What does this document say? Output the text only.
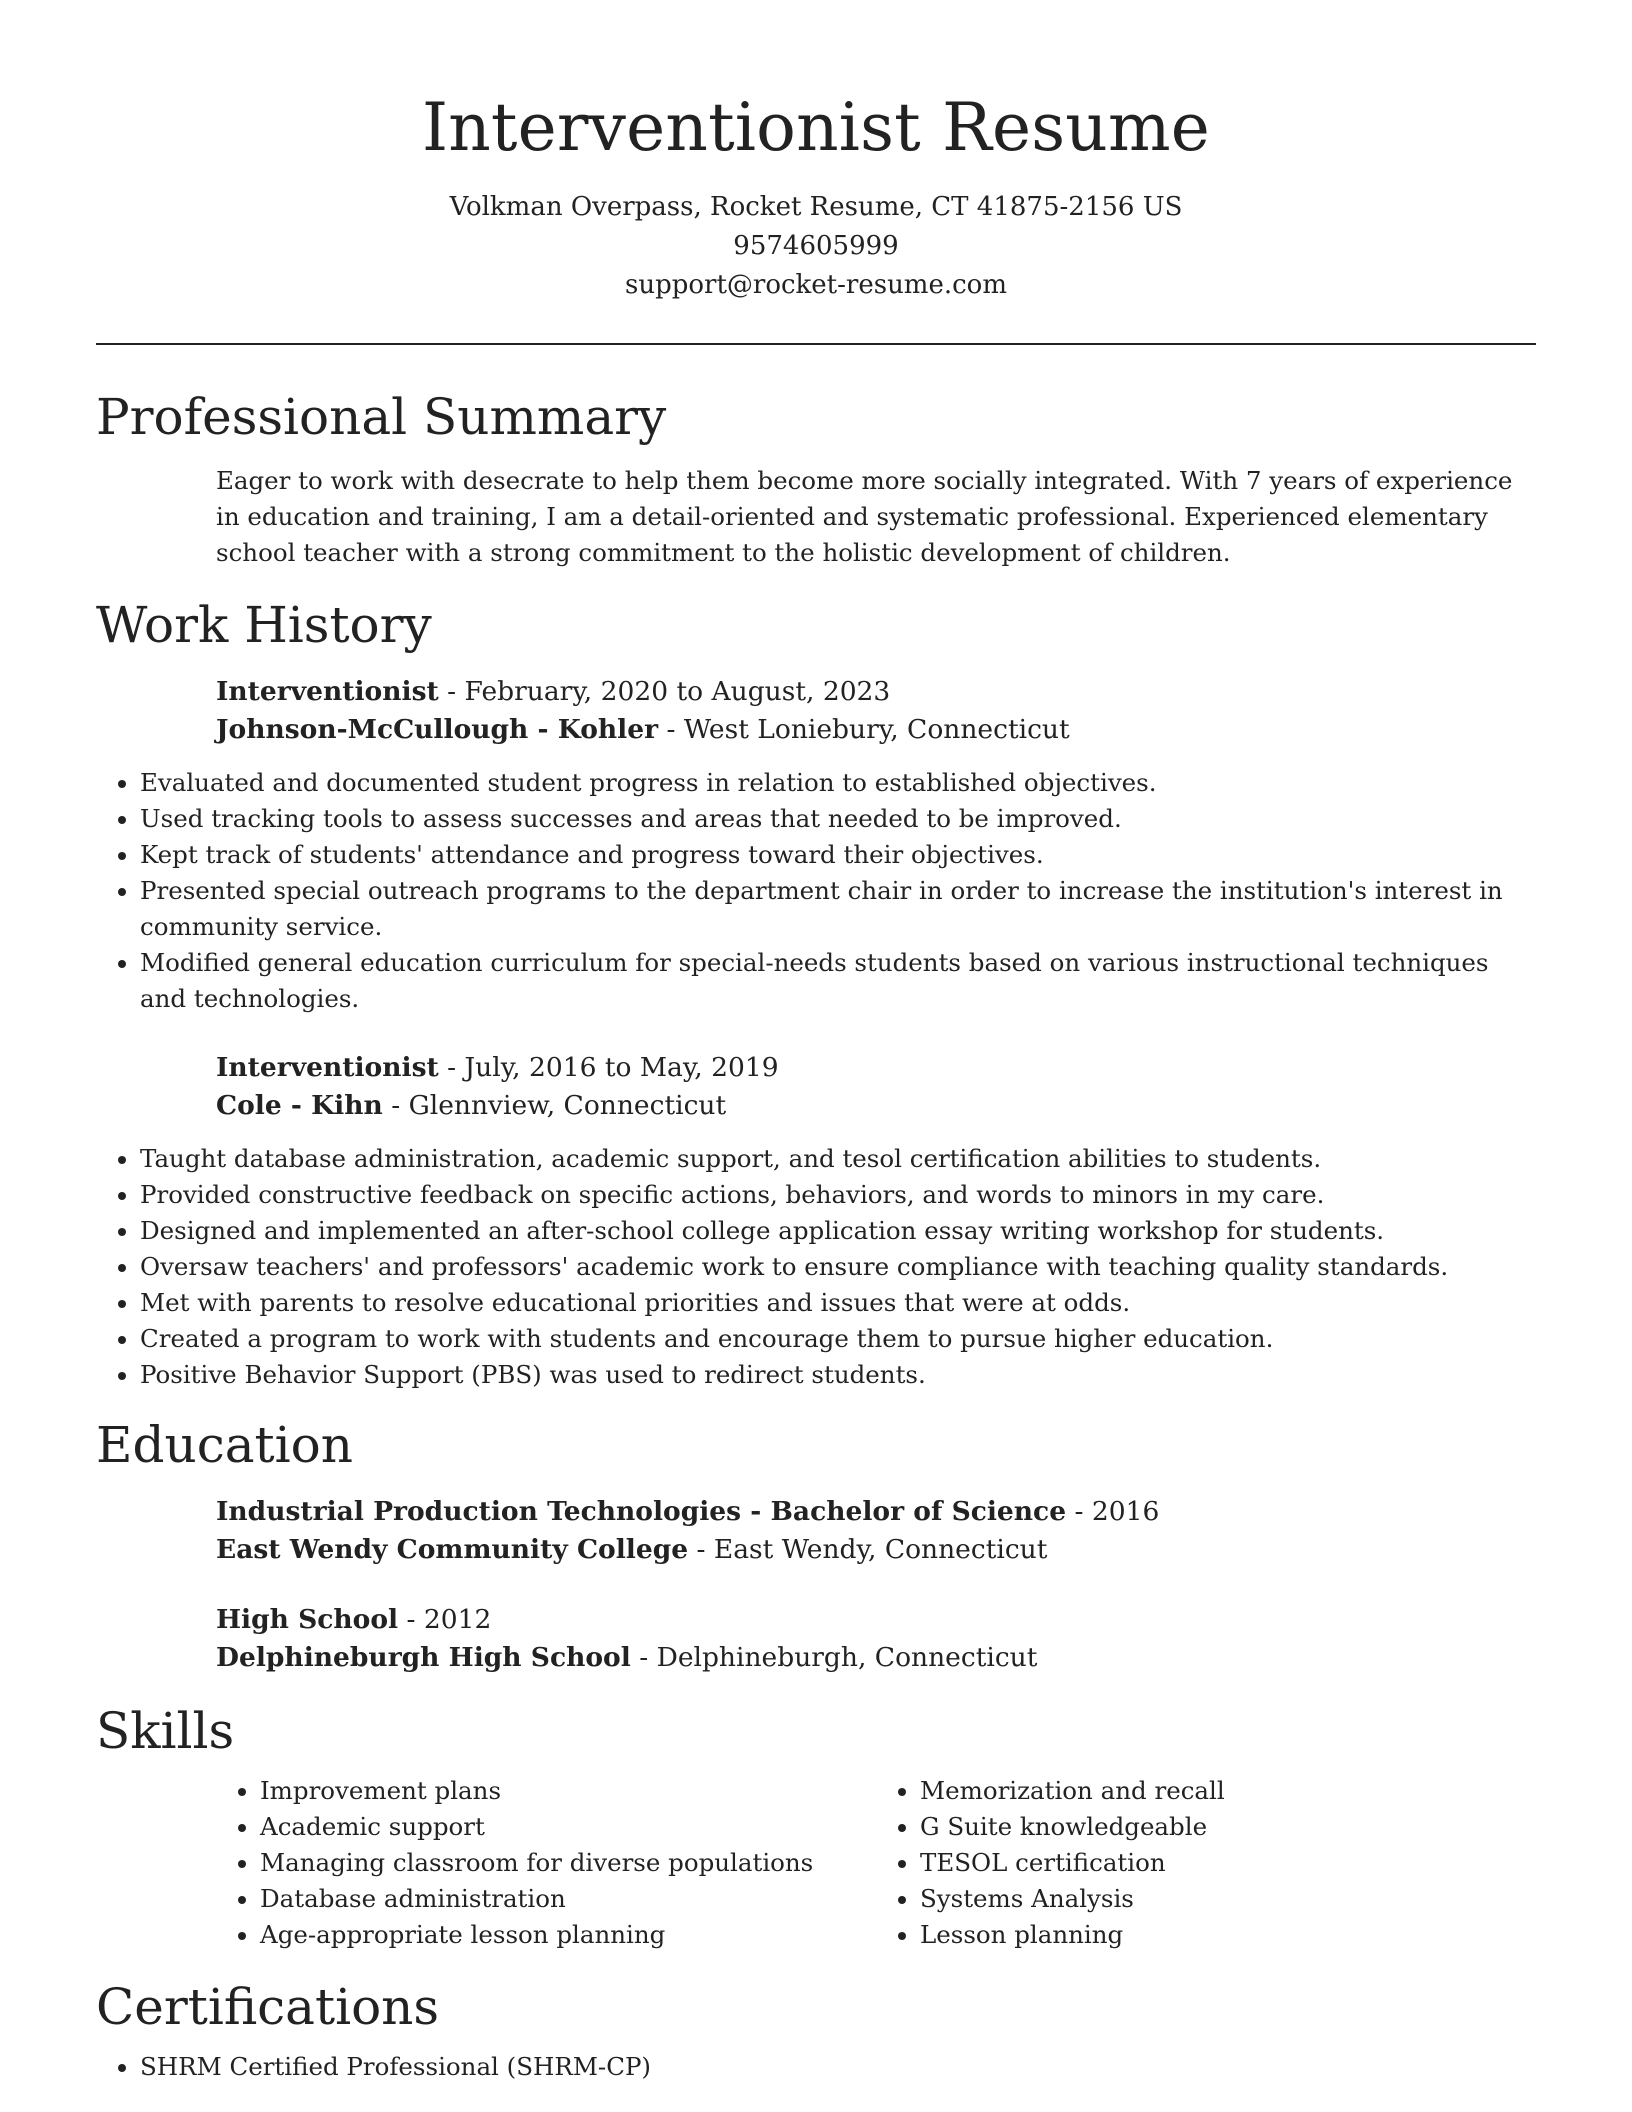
Interventionist Resume
Volkman Overpass, Rocket Resume, CT 41875-2156 US
9574605999
support@rocket-resume.com
Professional Summary
Eager to work with desecrate to help them become more socially integrated. With 7 years of experience in education and training, I am a detail-oriented and systematic professional. Experienced elementary school teacher with a strong commitment to the holistic development of children.
Work History
Interventionist - February, 2020 to August, 2023
Johnson-McCullough - Kohler - West Loniebury, Connecticut
• Evaluated and documented student progress in relation to established objectives.
• Used tracking tools to assess successes and areas that needed to be improved.
• Kept track of students' attendance and progress toward their objectives.
• Presented special outreach programs to the department chair in order to increase the institution's interest in community service.
• Modified general education curriculum for special-needs students based on various instructional techniques and technologies.
Interventionist - July, 2016 to May, 2019
Cole - Kihn - Glennview, Connecticut
• Taught database administration, academic support, and tesol certification abilities to students.
• Provided constructive feedback on specific actions, behaviors, and words to minors in my care.
• Designed and implemented an after-school college application essay writing workshop for students.
• Oversaw teachers' and professors' academic work to ensure compliance with teaching quality standards.
• Met with parents to resolve educational priorities and issues that were at odds.
• Created a program to work with students and encourage them to pursue higher education.
• Positive Behavior Support (PBS) was used to redirect students.
Education
Industrial Production Technologies - Bachelor of Science - 2016
East Wendy Community College - East Wendy, Connecticut
High School - 2012
Delphineburgh High School - Delphineburgh, Connecticut
Skills
• Improvement plans
• Academic support
• Managing classroom for diverse populations
• Database administration
• Age-appropriate lesson planning
• Memorization and recall
• G Suite knowledgeable
• TESOL certification
• Systems Analysis
• Lesson planning
Certifications
• SHRM Certified Professional (SHRM-CP)
